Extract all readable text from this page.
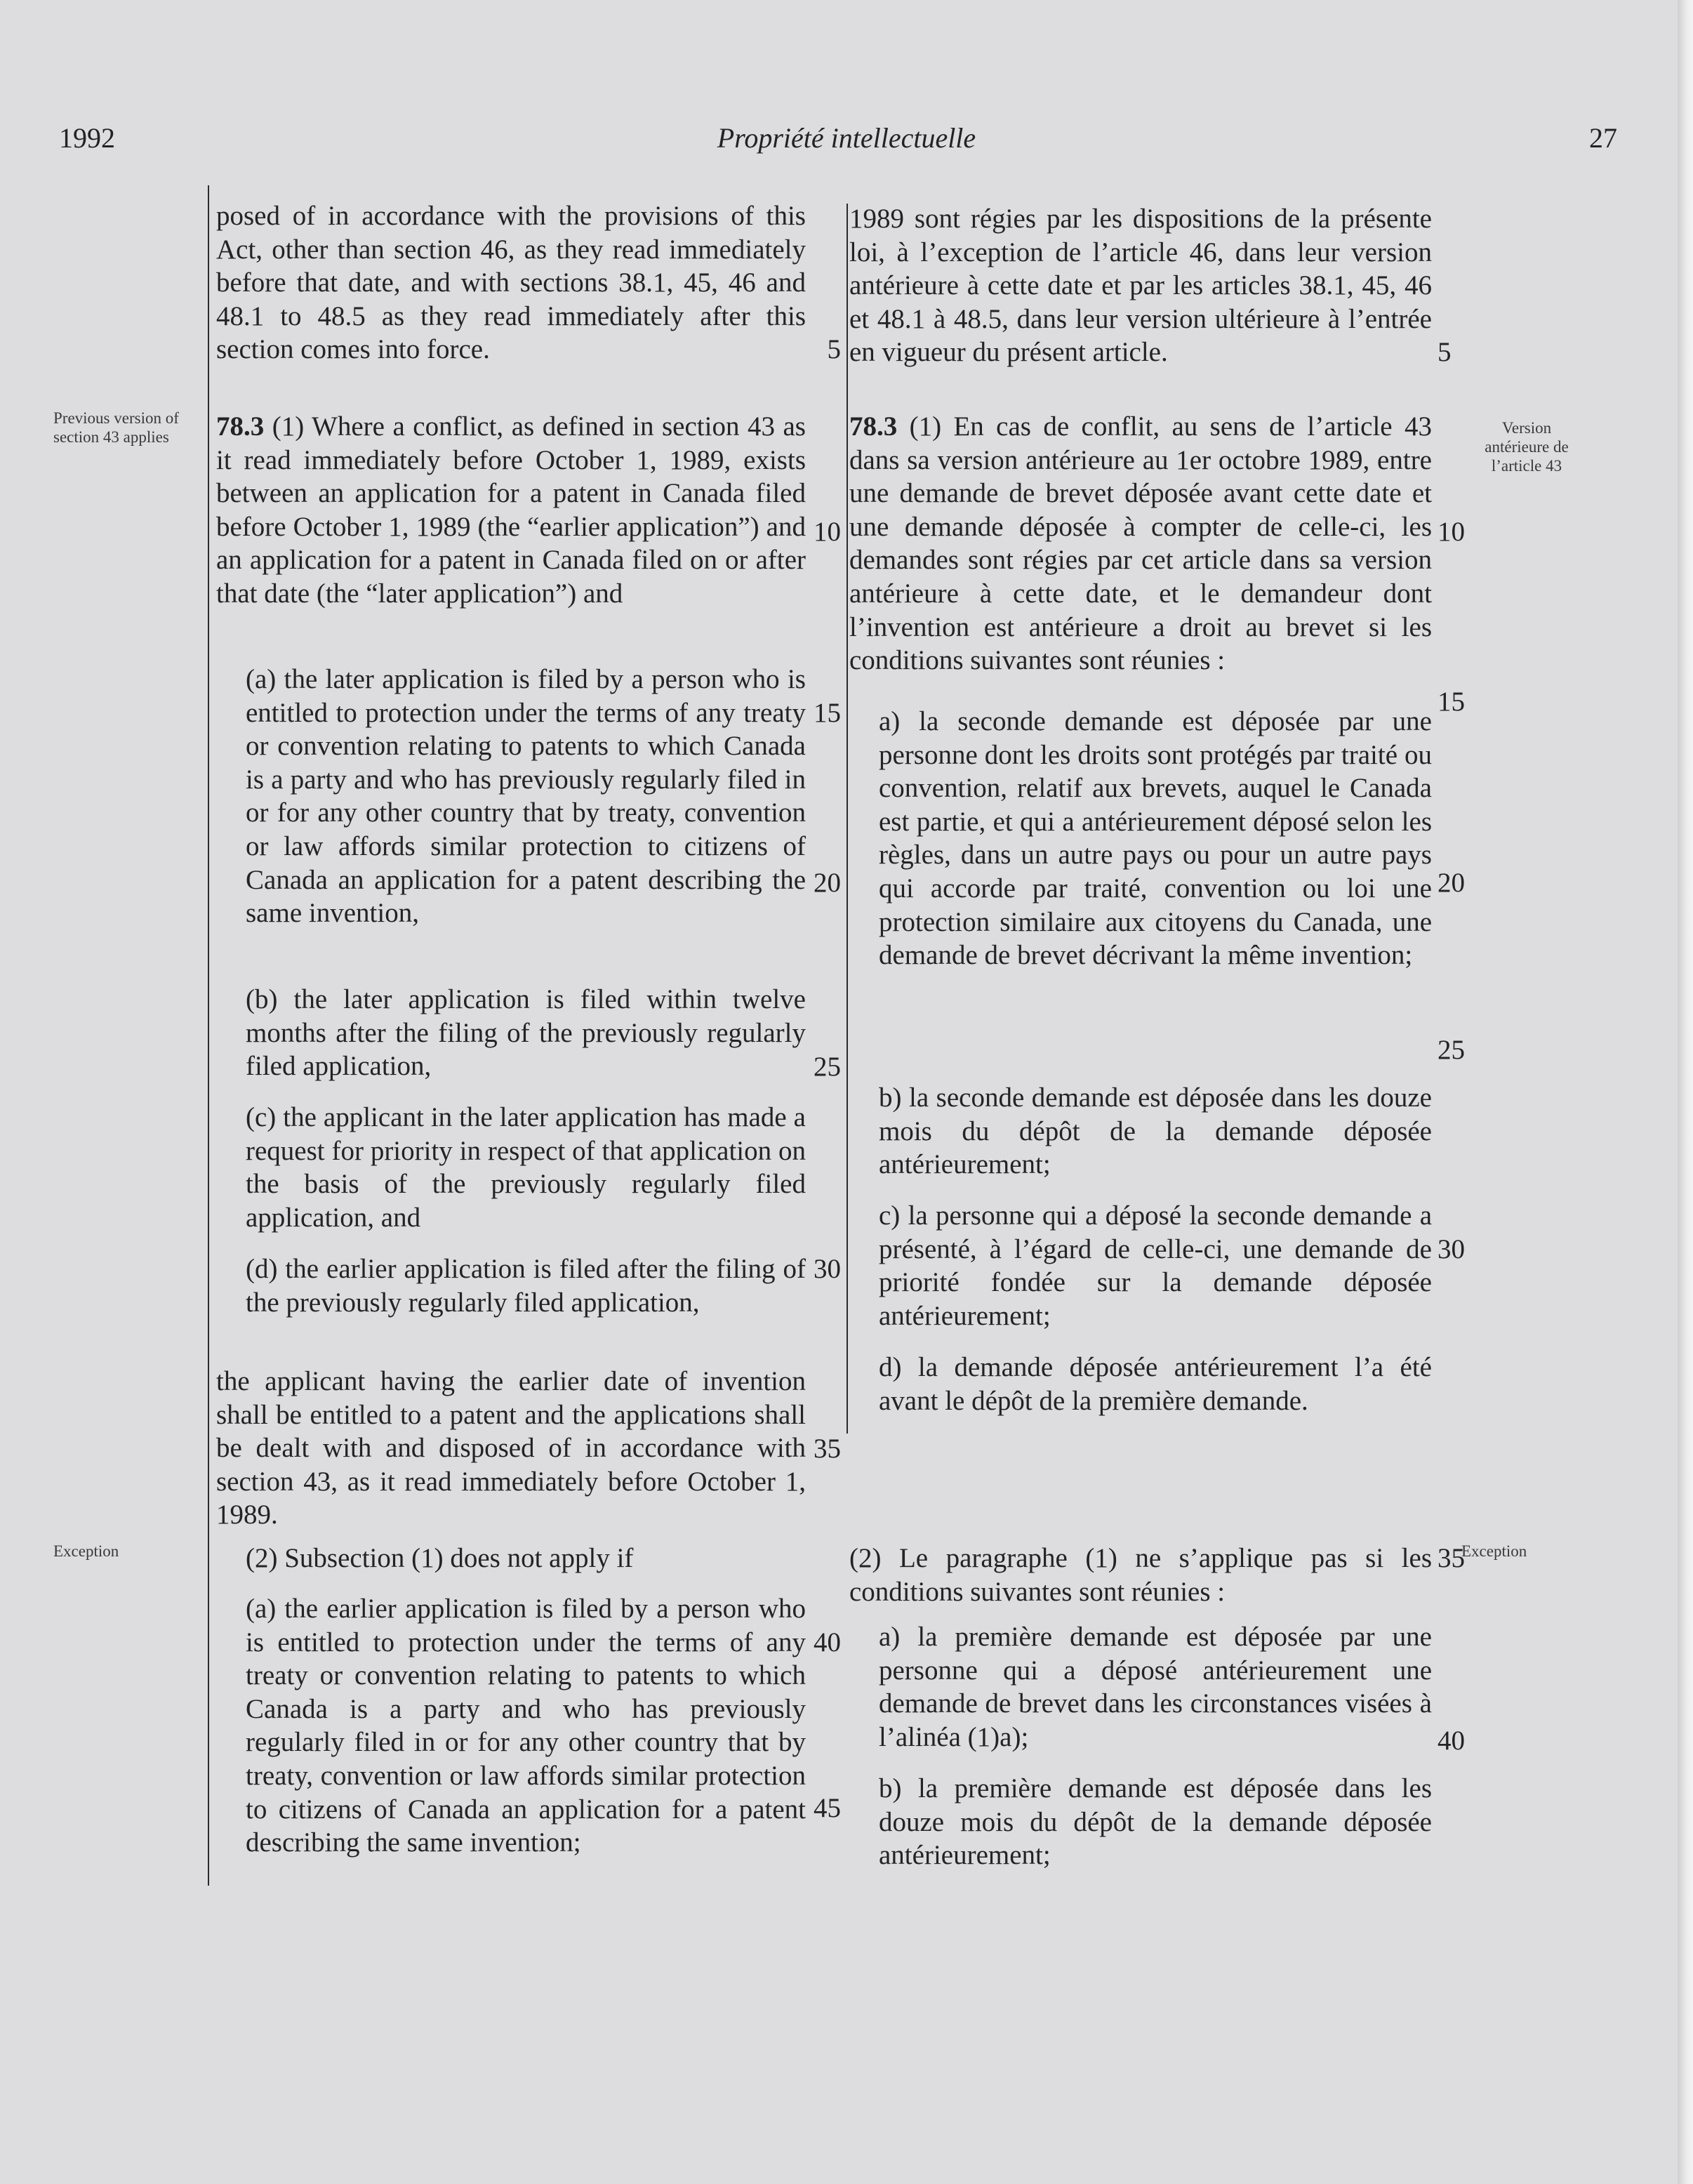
1992	Propriété intellectuelle	27
Previous version of section 43 applies
Exception
Version antérieure de l’article 43
Exception

posed of in accordance with the provisions of this Act, other than section 46, as they read immediately before that date, and with sections 38.1, 45, 46 and 48.1 to 48.5 as they read immediately after this section comes into force.

78.3 (1) Where a conflict, as defined in section 43 as it read immediately before October 1, 1989, exists between an application for a patent in Canada filed before October 1, 1989 (the “earlier application”) and an application for a patent in Canada filed on or after that date (the “later application”) and

(a) the later application is filed by a person who is entitled to protection under the terms of any treaty or convention relating to patents to which Canada is a party and who has previously regularly filed in or for any other country that by treaty, convention or law affords similar protection to citizens of Canada an application for a patent describing the same invention,

(b) the later application is filed within twelve months after the filing of the previously regularly filed application,

(c) the applicant in the later application has made a request for priority in respect of that application on the basis of the previously regularly filed application, and

(d) the earlier application is filed after the filing of the previously regularly filed application,

the applicant having the earlier date of invention shall be entitled to a patent and the applications shall be dealt with and disposed of in accordance with section 43, as it read immediately before October 1, 1989.

(2) Subsection (1) does not apply if

(a) the earlier application is filed by a person who is entitled to protection under the terms of any treaty or convention relating to patents to which Canada is a party and who has previously regularly filed in or for any other country that by treaty, convention or law affords similar protection to citizens of Canada an application for a patent describing the same invention;

1989 sont régies par les dispositions de la présente loi, à l’exception de l’article 46, dans leur version antérieure à cette date et par les articles 38.1, 45, 46 et 48.1 à 48.5, dans leur version ultérieure à l’entrée en vigueur du présent article.

78.3 (1) En cas de conflit, au sens de l’article 43 dans sa version antérieure au 1er octobre 1989, entre une demande de brevet déposée avant cette date et une demande déposée à compter de celle-ci, les demandes sont régies par cet article dans sa version antérieure à cette date, et le demandeur dont l’invention est antérieure a droit au brevet si les conditions suivantes sont réunies :

a) la seconde demande est déposée par une personne dont les droits sont protégés par traité ou convention, relatif aux brevets, auquel le Canada est partie, et qui a antérieurement déposé selon les règles, dans un autre pays ou pour un autre pays qui accorde par traité, convention ou loi une protection similaire aux citoyens du Canada, une demande de brevet décrivant la même invention;

b) la seconde demande est déposée dans les douze mois du dépôt de la demande déposée antérieurement;

c) la personne qui a déposé la seconde demande a présenté, à l’égard de celle-ci, une demande de priorité fondée sur la demande déposée antérieurement;

d) la demande déposée antérieurement l’a été avant le dépôt de la première demande.

(2) Le paragraphe (1) ne s’applique pas si les conditions suivantes sont réunies :

a) la première demande est déposée par une personne qui a déposé antérieurement une demande de brevet dans les circonstances visées à l’alinéa (1)a);

b) la première demande est déposée dans les douze mois du dépôt de la demande déposée antérieurement;

5
10
15
20
25
30
35
40
45
5
10
15
20
25
30
35
40
